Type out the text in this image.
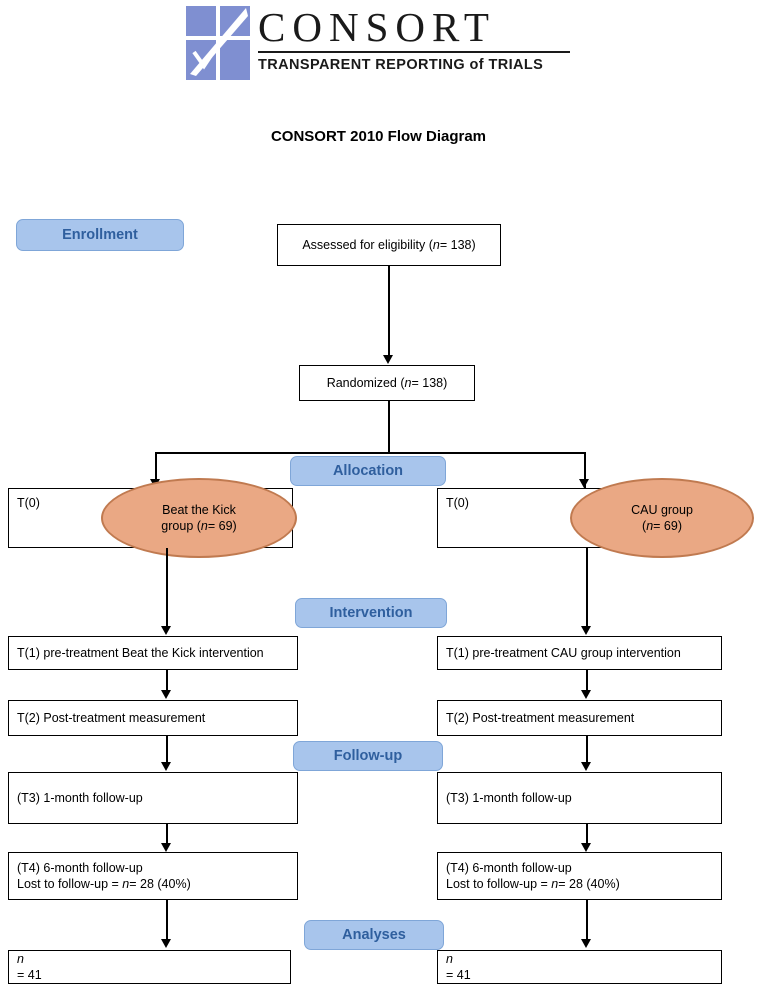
CONSORT
TRANSPARENT REPORTING of TRIALS
CONSORT 2010 Flow Diagram
Enrollment
Allocation
Intervention
Follow-up
Analyses
Assessed for eligibility ( n = 138)
Randomized ( n = 138)
T(0)	T(0)
Beat the Kick
group (n= 69)
CAU group
(n= 69)
T(1) pre-treatment Beat the Kick intervention	T(1) pre-treatment CAU group intervention
T(2) Post-treatment measurement	T(2) Post-treatment measurement
(T3) 1-month follow-up	(T3) 1-month follow-up
(T4) 6-month follow-up
Lost to follow-up = n= 28 (40%)
(T4) 6-month follow-up
Lost to follow-up = n= 28 (40%)
n
= 41
n
= 41
